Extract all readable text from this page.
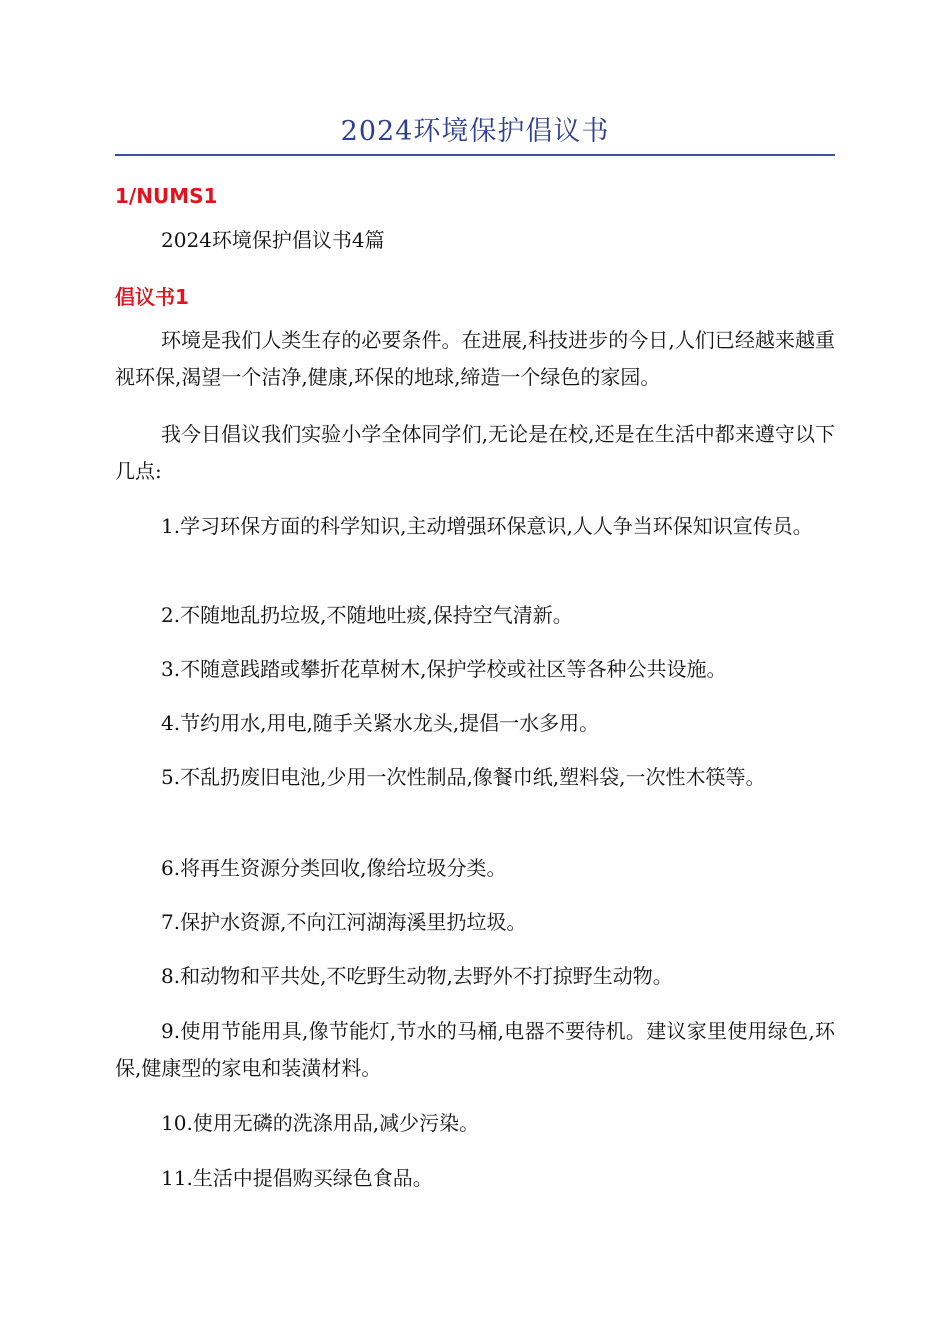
2024环境保护倡议书
1/NUMS1
2024环境保护倡议书4篇
倡议书1
环境是我们人类生存的必要条件。在进展,科技进步的今日,人们已经越来越重视环保,渴望一个洁净,健康,环保的地球,缔造一个绿色的家园。
我今日倡议我们实验小学全体同学们,无论是在校,还是在生活中都来遵守以下几点:
1.学习环保方面的科学知识,主动增强环保意识,人人争当环保知识宣传员。
2.不随地乱扔垃圾,不随地吐痰,保持空气清新。
3.不随意践踏或攀折花草树木,保护学校或社区等各种公共设施。
4.节约用水,用电,随手关紧水龙头,提倡一水多用。
5.不乱扔废旧电池,少用一次性制品,像餐巾纸,塑料袋,一次性木筷等。
6.将再生资源分类回收,像给垃圾分类。
7.保护水资源,不向江河湖海溪里扔垃圾。
8.和动物和平共处,不吃野生动物,去野外不打掠野生动物。
9.使用节能用具,像节能灯,节水的马桶,电器不要待机。建议家里使用绿色,环保,健康型的家电和装潢材料。
10.使用无磷的洗涤用品,减少污染。
11.生活中提倡购买绿色食品。
